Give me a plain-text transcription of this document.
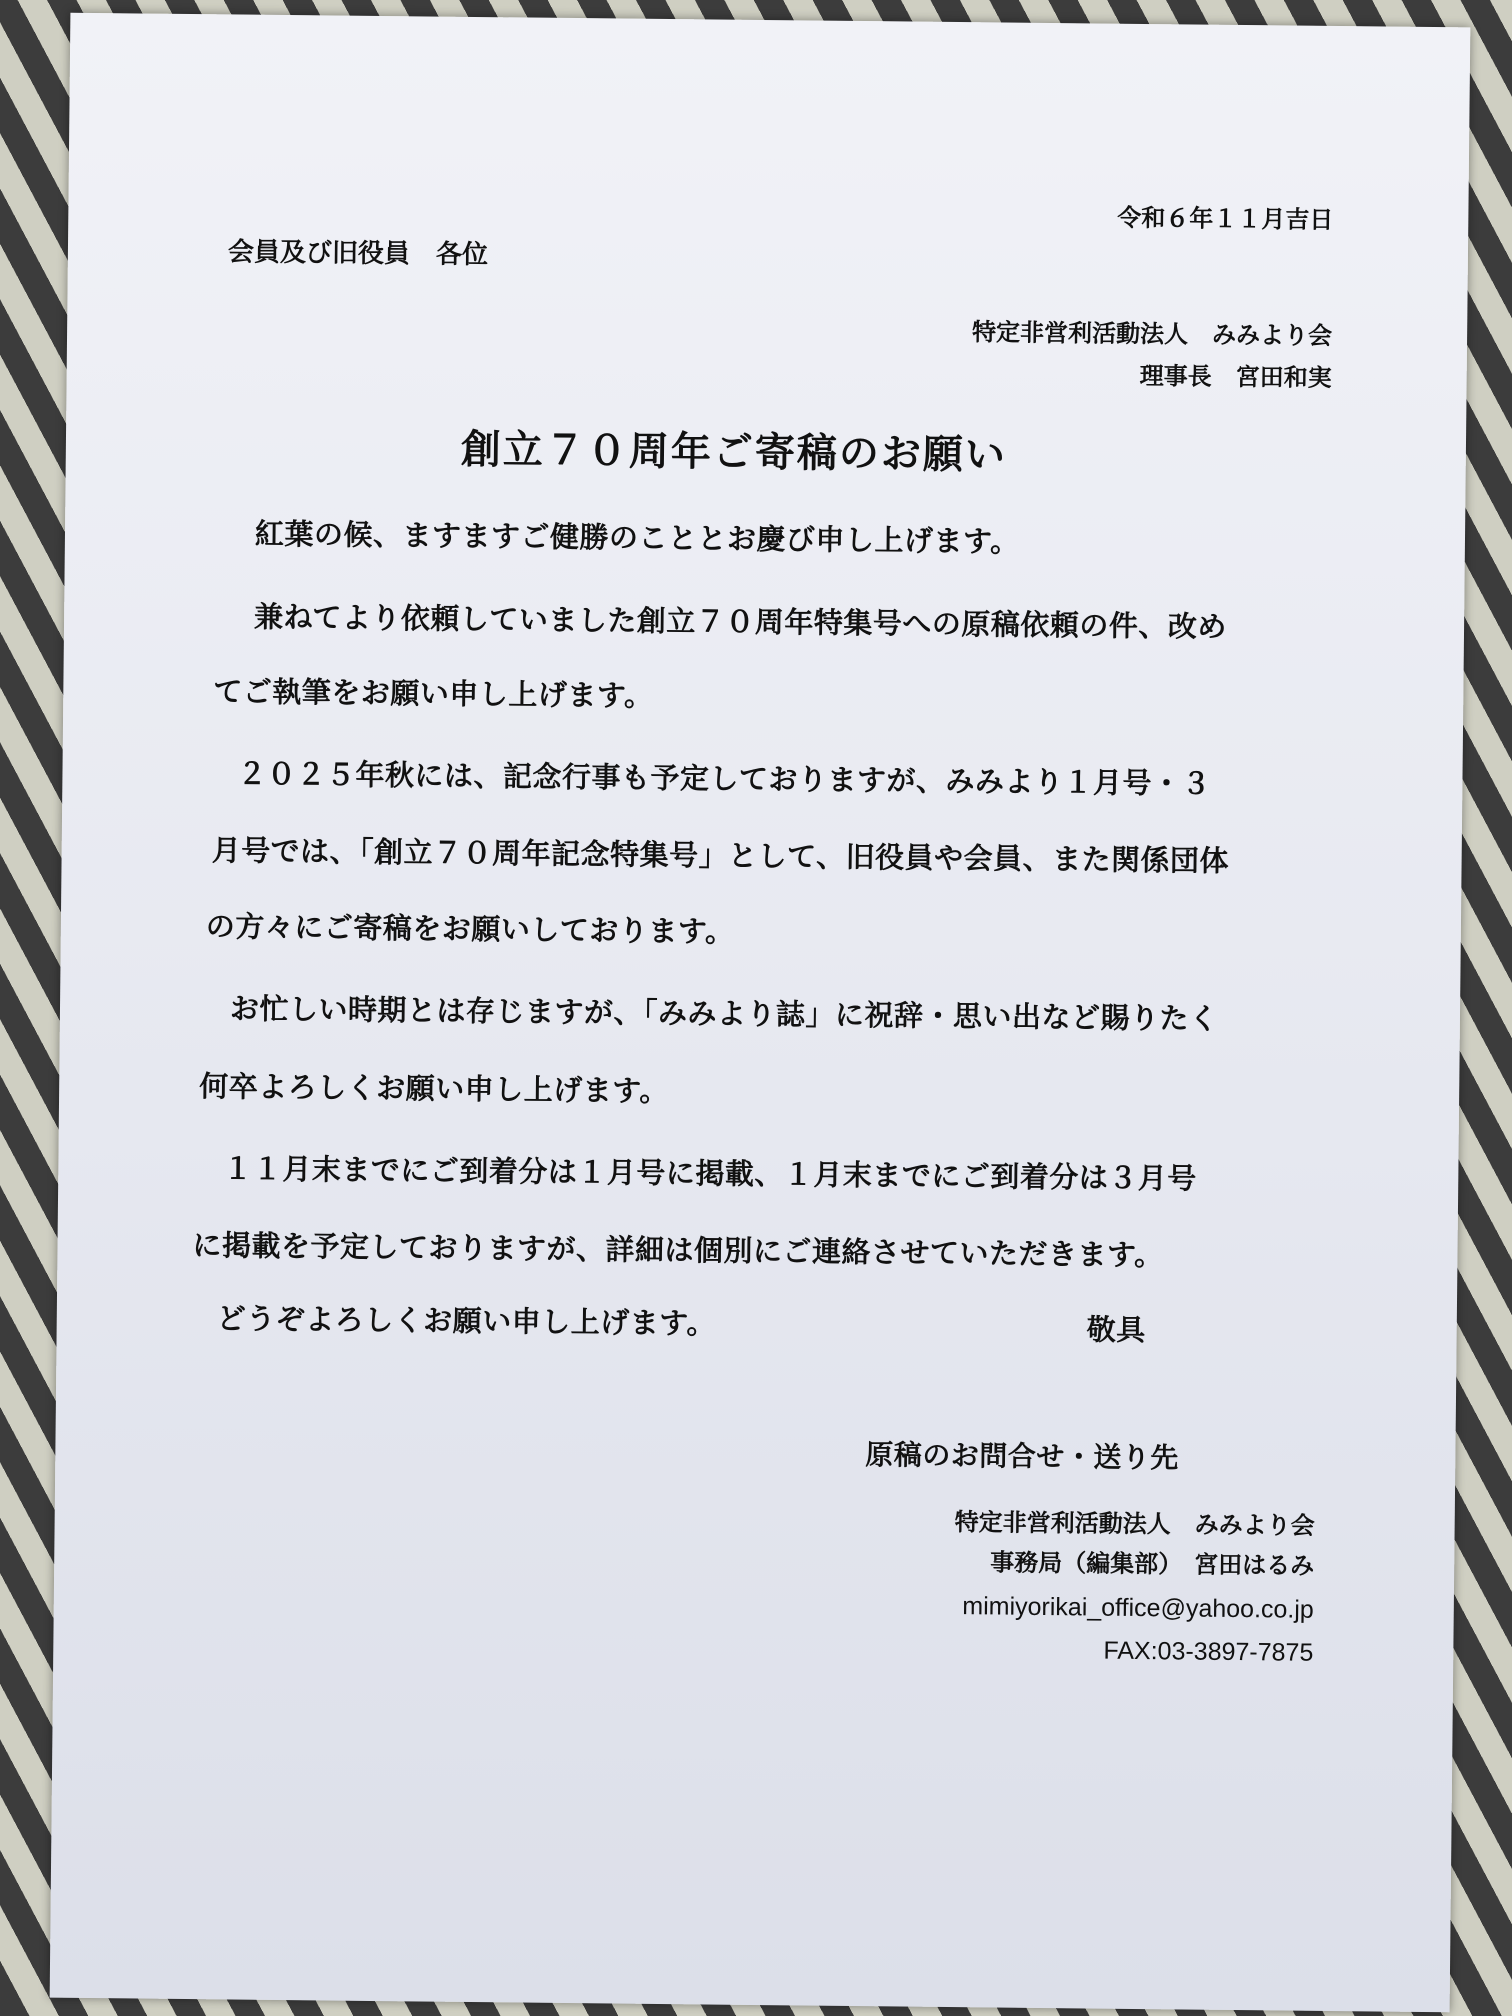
令和６年１１月吉日
会員及び旧役員　各位
特定非営利活動法人　みみより会
理事長　宮田和実
創立７０周年ご寄稿のお願い
紅葉の候、ますますご健勝のこととお慶び申し上げます。
兼ねてより依頼していました創立７０周年特集号への原稿依頼の件、改め
てご執筆をお願い申し上げます。
２０２５年秋には、記念行事も予定しておりますが、みみより１月号・３
月号では、「創立７０周年記念特集号」として、旧役員や会員、また関係団体
の方々にご寄稿をお願いしております。
お忙しい時期とは存じますが、「みみより誌」に祝辞・思い出など賜りたく
何卒よろしくお願い申し上げます。
１１月末までにご到着分は１月号に掲載、１月末までにご到着分は３月号
に掲載を予定しておりますが、詳細は個別にご連絡させていただきます。
どうぞよろしくお願い申し上げます。	敬具
原稿のお問合せ・送り先
特定非営利活動法人　みみより会
事務局（編集部）　宮田はるみ
mimiyorikai_office@yahoo.co.jp
FAX:03-3897-7875
